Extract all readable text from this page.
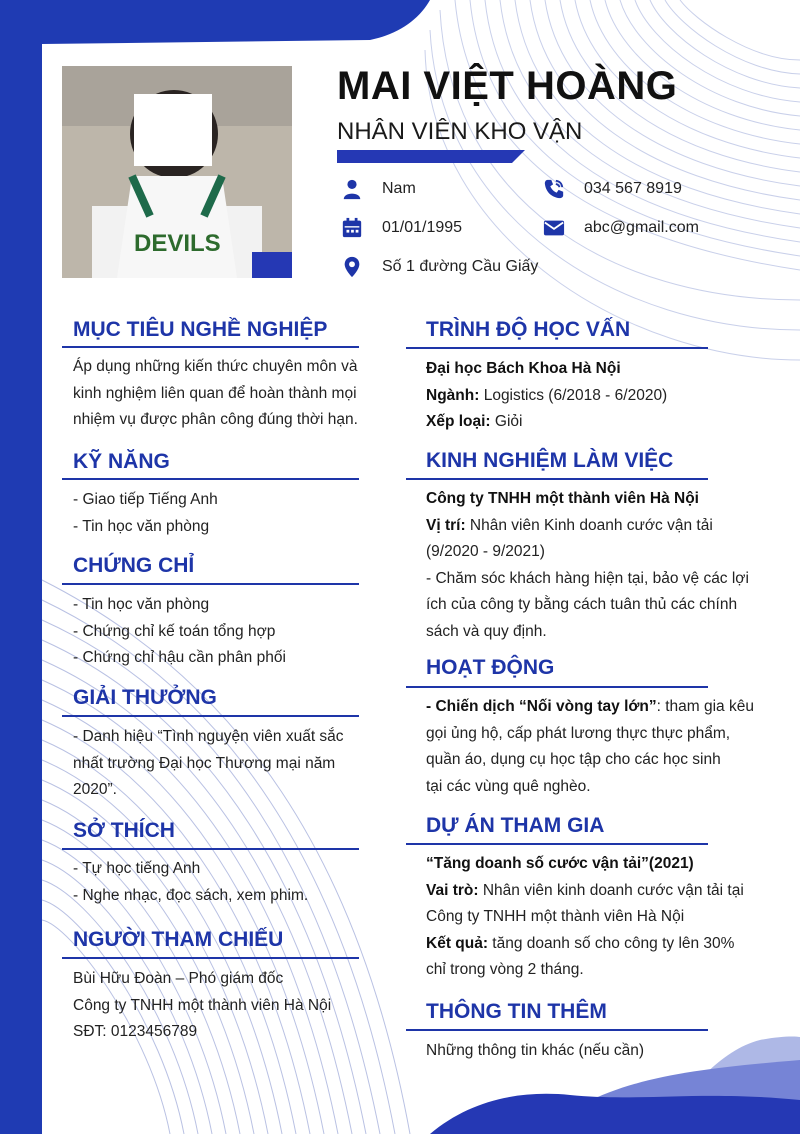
DEVILS
MAI VIỆT HOÀNG
NHÂN VIÊN KHO VẬN
Nam
01/01/1995
Số 1 đường Cầu Giấy
034 567 8919
abc@gmail.com
MỤC TIÊU NGHỀ NGHIỆP

Áp dụng những kiến thức chuyên môn và

kinh nghiệm liên quan để hoàn thành mọi

nhiệm vụ được phân công đúng thời hạn.

KỸ NĂNG

- Giao tiếp Tiếng Anh

- Tin học văn phòng

CHỨNG CHỈ

- Tin học văn phòng

- Chứng chỉ kế toán tổng hợp

- Chứng chỉ hậu cần phân phối

GIẢI THƯỞNG

- Danh hiệu “Tình nguyện viên xuất sắc

nhất trường Đại học Thương mại năm

2020”.

SỞ THÍCH

- Tự học tiếng Anh

- Nghe nhạc, đọc sách, xem phim.

NGƯỜI THAM CHIẾU

Bùi Hữu Đoàn – Phó giám đốc

Công ty TNHH một thành viên Hà Nội

SĐT: 0123456789

TRÌNH ĐỘ HỌC VẤN

Đại học Bách Khoa Hà Nội

Ngành: Logistics (6/2018 - 6/2020)

Xếp loại: Giỏi

KINH NGHIỆM LÀM VIỆC

Công ty TNHH một thành viên Hà Nội

Vị trí: Nhân viên Kinh doanh cước vận tải

(9/2020 - 9/2021)

- Chăm sóc khách hàng hiện tại, bảo vệ các lợi

ích của công ty bằng cách tuân thủ các chính

sách và quy định.

HOẠT ĐỘNG

- Chiến dịch “Nối vòng tay lớn”: tham gia kêu

gọi ủng hộ, cấp phát lương thực thực phẩm,

quần áo, dụng cụ học tập cho các học sinh

tại các vùng quê nghèo.

DỰ ÁN THAM GIA

“Tăng doanh số cước vận tải”(2021)

Vai trò: Nhân viên kinh doanh cước vận tải tại

Công ty TNHH một thành viên Hà Nội

Kết quả: tăng doanh số cho công ty lên 30%

chỉ trong vòng 2 tháng.

THÔNG TIN THÊM

Những thông tin khác (nếu cần)
